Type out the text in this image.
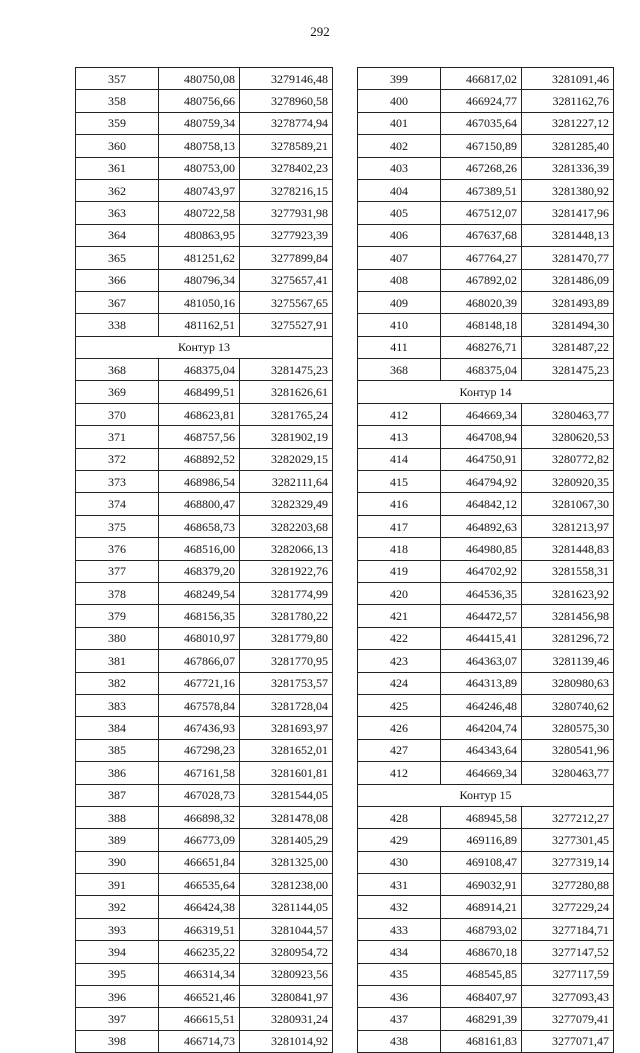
292
357	480750,08	3279146,48
358	480756,66	3278960,58
359	480759,34	3278774,94
360	480758,13	3278589,21
361	480753,00	3278402,23
362	480743,97	3278216,15
363	480722,58	3277931,98
364	480863,95	3277923,39
365	481251,62	3277899,84
366	480796,34	3275657,41
367	481050,16	3275567,65
338	481162,51	3275527,91
Контур 13		
368	468375,04	3281475,23
369	468499,51	3281626,61
370	468623,81	3281765,24
371	468757,56	3281902,19
372	468892,52	3282029,15
373	468986,54	3282111,64
374	468800,47	3282329,49
375	468658,73	3282203,68
376	468516,00	3282066,13
377	468379,20	3281922,76
378	468249,54	3281774,99
379	468156,35	3281780,22
380	468010,97	3281779,80
381	467866,07	3281770,95
382	467721,16	3281753,57
383	467578,84	3281728,04
384	467436,93	3281693,97
385	467298,23	3281652,01
386	467161,58	3281601,81
387	467028,73	3281544,05
388	466898,32	3281478,08
389	466773,09	3281405,29
390	466651,84	3281325,00
391	466535,64	3281238,00
392	466424,38	3281144,05
393	466319,51	3281044,57
394	466235,22	3280954,72
395	466314,34	3280923,56
396	466521,46	3280841,97
397	466615,51	3280931,24
398	466714,73	3281014,92
399	466817,02	3281091,46
400	466924,77	3281162,76
401	467035,64	3281227,12
402	467150,89	3281285,40
403	467268,26	3281336,39
404	467389,51	3281380,92
405	467512,07	3281417,96
406	467637,68	3281448,13
407	467764,27	3281470,77
408	467892,02	3281486,09
409	468020,39	3281493,89
410	468148,18	3281494,30
411	468276,71	3281487,22
368	468375,04	3281475,23
Контур 14		
412	464669,34	3280463,77
413	464708,94	3280620,53
414	464750,91	3280772,82
415	464794,92	3280920,35
416	464842,12	3281067,30
417	464892,63	3281213,97
418	464980,85	3281448,83
419	464702,92	3281558,31
420	464536,35	3281623,92
421	464472,57	3281456,98
422	464415,41	3281296,72
423	464363,07	3281139,46
424	464313,89	3280980,63
425	464246,48	3280740,62
426	464204,74	3280575,30
427	464343,64	3280541,96
412	464669,34	3280463,77
Контур 15		
428	468945,58	3277212,27
429	469116,89	3277301,45
430	469108,47	3277319,14
431	469032,91	3277280,88
432	468914,21	3277229,24
433	468793,02	3277184,71
434	468670,18	3277147,52
435	468545,85	3277117,59
436	468407,97	3277093,43
437	468291,39	3277079,41
438	468161,83	3277071,47
